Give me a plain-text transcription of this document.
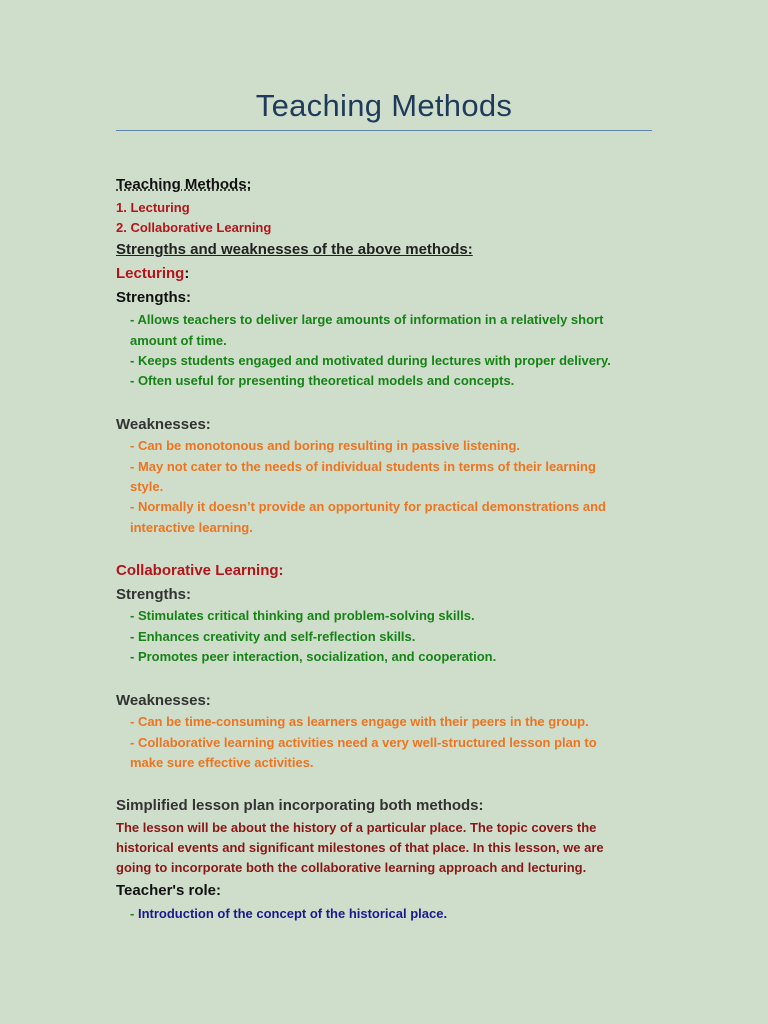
Teaching Methods
Teaching Methods:
1. Lecturing
2. Collaborative Learning
Strengths and weaknesses of the above methods:
Lecturing:
Strengths:
- Allows teachers to deliver large amounts of information in a relatively short
amount of time.
- Keeps students engaged and motivated during lectures with proper delivery.
- Often useful for presenting theoretical models and concepts.
Weaknesses:
- Can be monotonous and boring resulting in passive listening.
- May not cater to the needs of individual students in terms of their learning
style.
- Normally it doesn’t provide an opportunity for practical demonstrations and
interactive learning.
Collaborative Learning:
Strengths:
- Stimulates critical thinking and problem-solving skills.
- Enhances creativity and self-reflection skills.
- Promotes peer interaction, socialization, and cooperation.
Weaknesses:
- Can be time-consuming as learners engage with their peers in the group.
- Collaborative learning activities need a very well-structured lesson plan to
make sure effective activities.
Simplified lesson plan incorporating both methods:
The lesson will be about the history of a particular place. The topic covers the
historical events and significant milestones of that place. In this lesson, we are
going to incorporate both the collaborative learning approach and lecturing.
Teacher's role:
- Introduction of the concept of the historical place.
